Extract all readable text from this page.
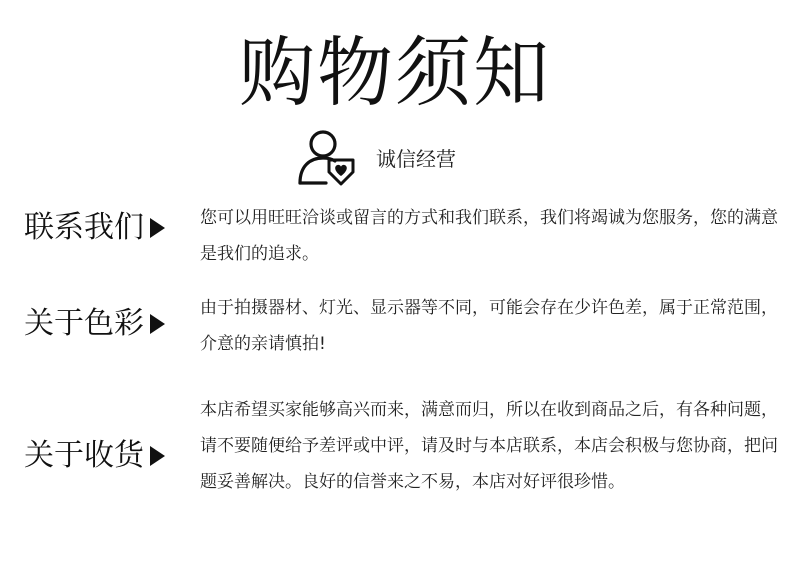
购物须知
诚信经营
联系我们	您可以用旺旺洽谈或留言的方式和我们联系，我们将竭诚为您服务，您的满意是我们的追求。
关于色彩	由于拍摄器材、灯光、显示器等不同，可能会存在少许色差，属于正常范围，介意的亲请慎拍!
关于收货
本店希望买家能够高兴而来，满意而归，所以在收到商品之后，有各种问题，请不要随便给予差评或中评，请及时与本店联系，本店会积极与您协商，把问题妥善解决。良好的信誉来之不易，本店对好评很珍惜。
